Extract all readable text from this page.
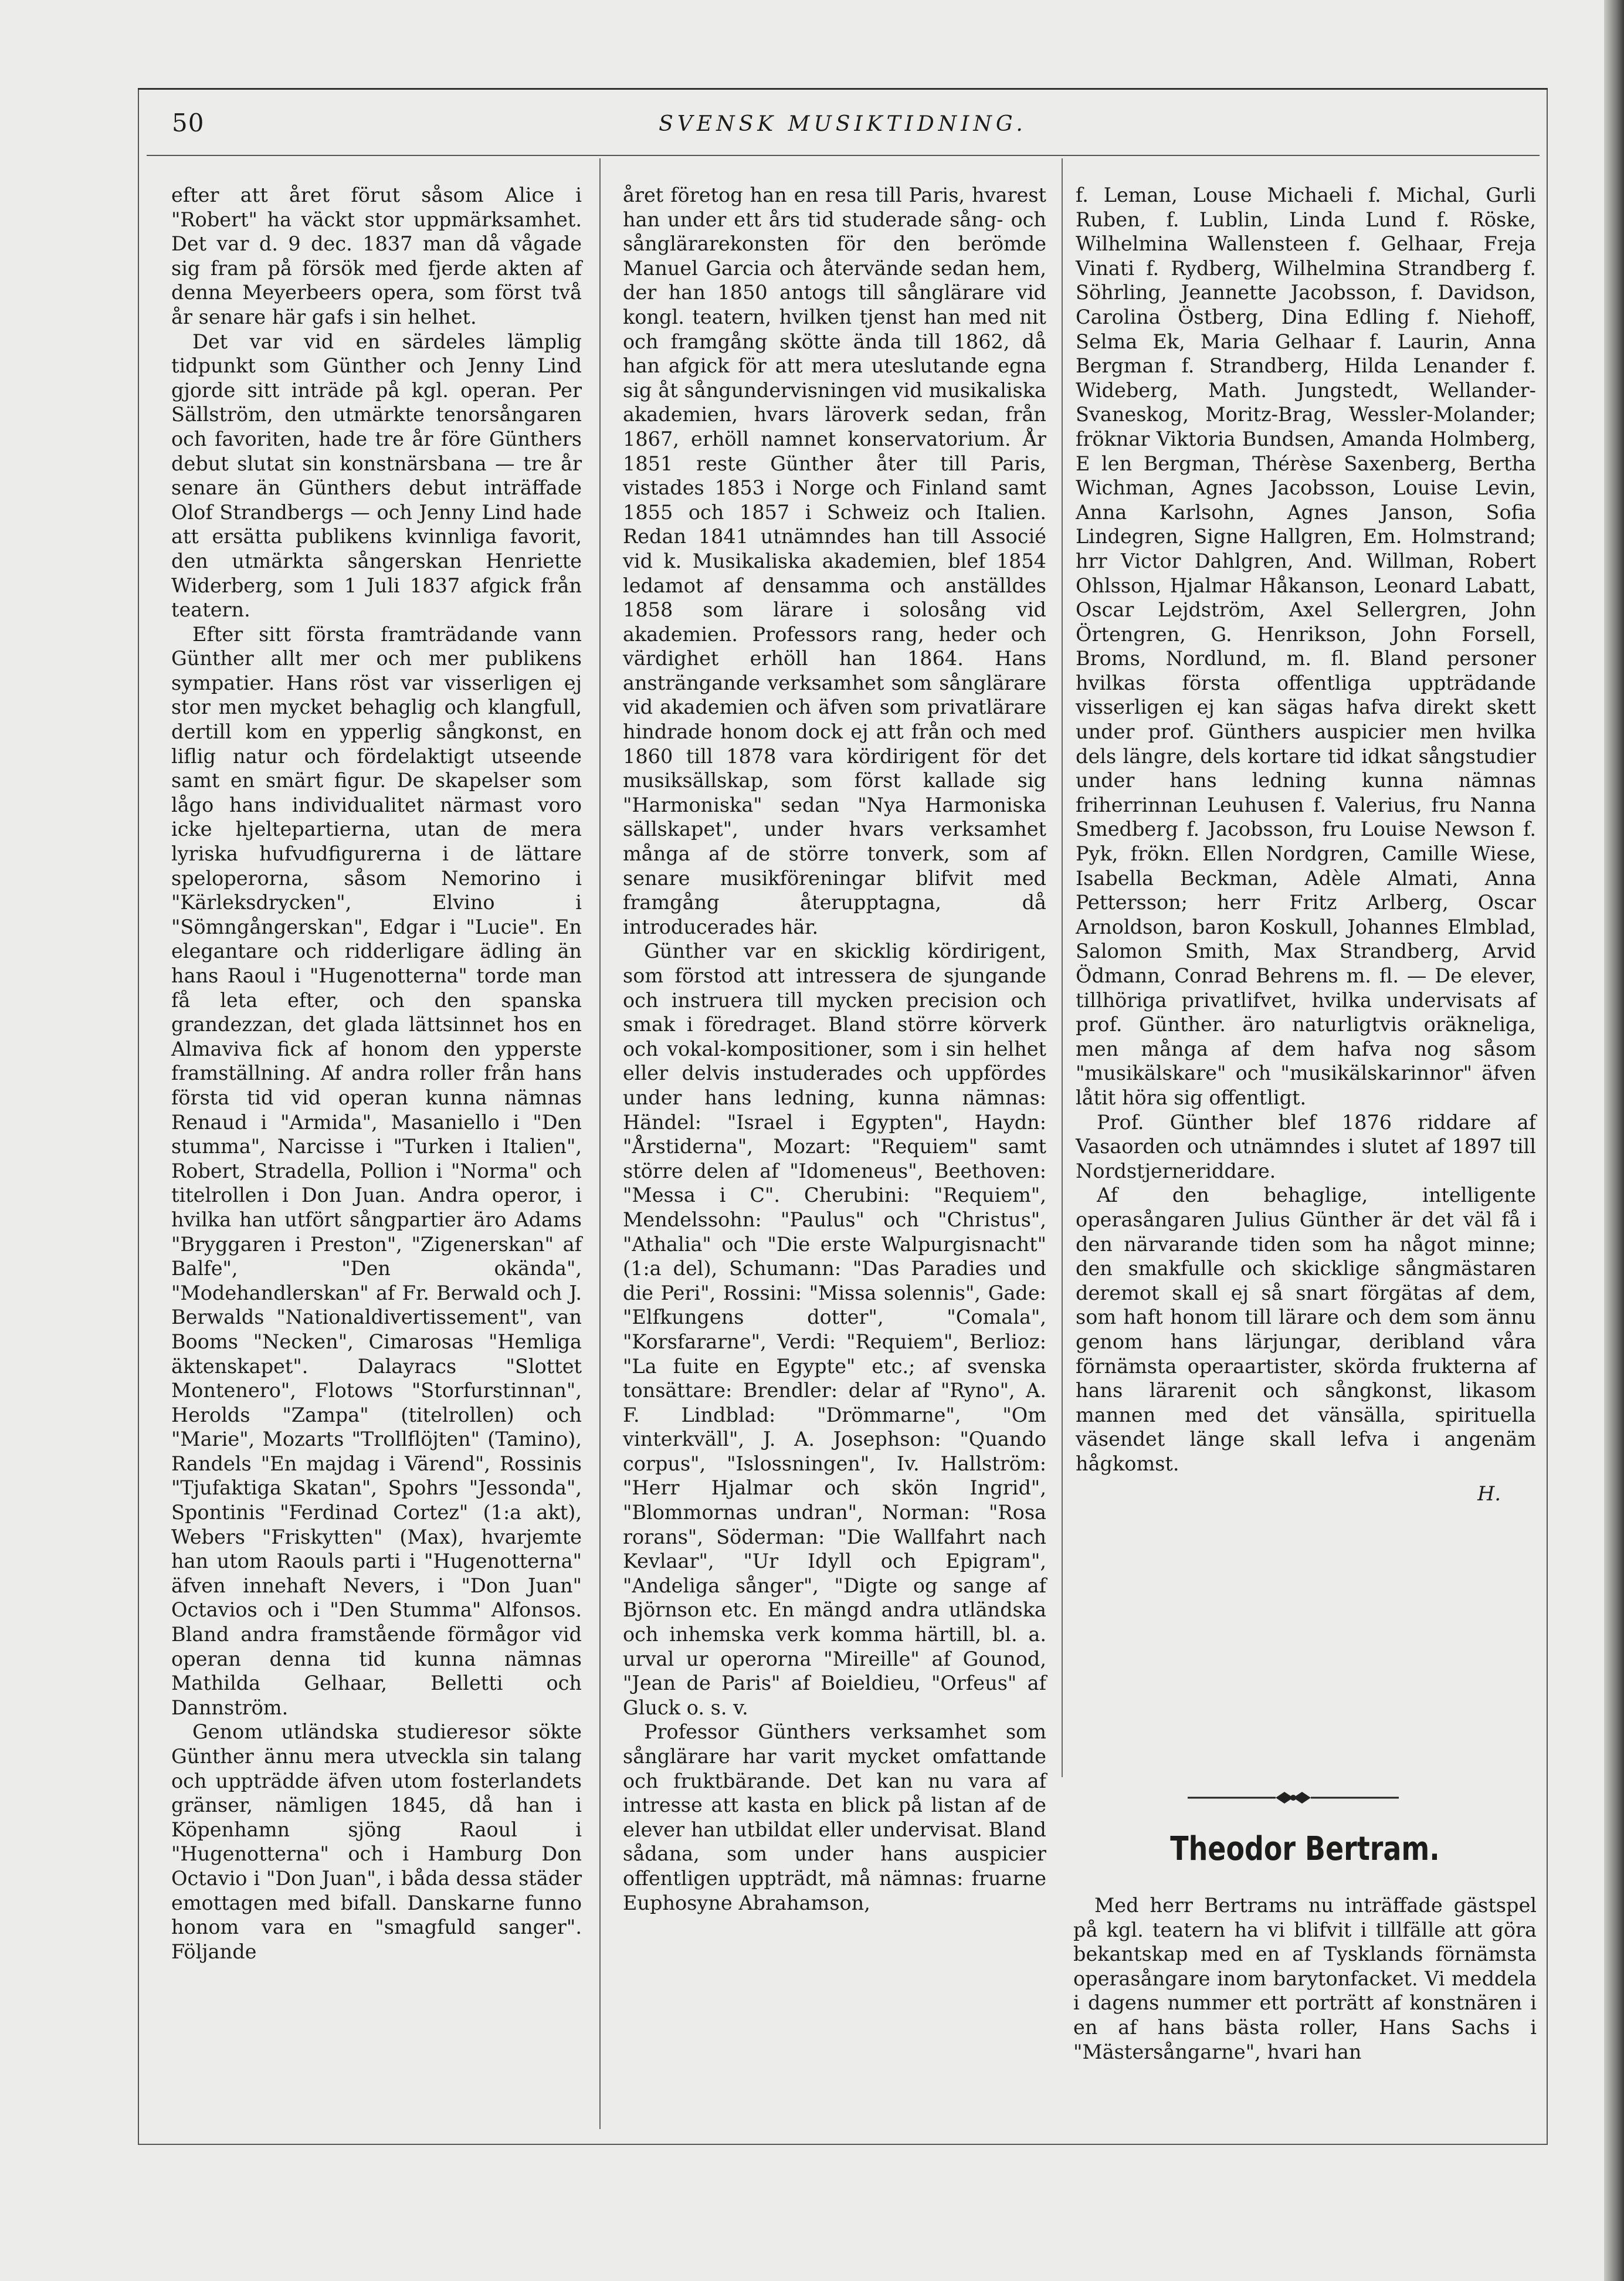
50	SVENSK MUSIKTIDNING.

efter att året förut såsom Alice i "Robert" ha väckt stor uppmärksamhet. Det var d. 9 dec. 1837 man då vågade sig fram på försök med fjerde akten af denna Meyerbeers opera, som först två år senare här gafs i sin helhet.

Det var vid en särdeles lämplig tidpunkt som Günther och Jenny Lind gjorde sitt inträde på kgl. operan. Per Sällström, den utmärkte tenorsångaren och favoriten, hade tre år före Günthers debut slutat sin konstnärsbana — tre år senare än Günthers debut inträffade Olof Strandbergs — och Jenny Lind hade att ersätta publikens kvinnliga favorit, den utmärkta sångerskan Henriette Widerberg, som 1 Juli 1837 afgick från teatern.

Efter sitt första framträdande vann Günther allt mer och mer publikens sympatier. Hans röst var visserligen ej stor men mycket behaglig och klangfull, dertill kom en ypperlig sångkonst, en liflig natur och fördelaktigt utseende samt en smärt figur. De skapelser som lågo hans individualitet närmast voro icke hjeltepartierna, utan de mera lyriska hufvudfigurerna i de lättare speloperorna, såsom Nemorino i "Kärleksdrycken", Elvino i "Sömngångerskan", Edgar i "Lucie". En elegantare och ridderligare ädling än hans Raoul i "Hugenotterna" torde man få leta efter, och den spanska grandezzan, det glada lättsinnet hos en Almaviva fick af honom den ypperste framställning. Af andra roller från hans första tid vid operan kunna nämnas Renaud i "Armida", Masaniello i "Den stumma", Narcisse i "Turken i Italien", Robert, Stradella, Pollion i "Norma" och titelrollen i Don Juan. Andra operor, i hvilka han utfört sångpartier äro Adams "Bryggaren i Preston", "Zigenerskan" af Balfe", "Den okända", "Modehandlerskan" af Fr. Berwald och J. Berwalds "Nationaldivertissement", van Booms "Necken", Cimarosas "Hemliga äktenskapet". Dalayracs "Slottet Montenero", Flotows "Storfurstinnan", Herolds "Zampa" (titelrollen) och "Marie", Mozarts "Trollflöjten" (Tamino), Randels "En majdag i Värend", Rossinis "Tjufaktiga Skatan", Spohrs "Jessonda", Spontinis "Ferdinad Cortez" (1:a akt), Webers "Friskytten" (Max), hvarjemte han utom Raouls parti i "Hugenotterna" äfven innehaft Nevers, i "Don Juan" Octavios och i "Den Stumma" Alfonsos. Bland andra framstående förmågor vid operan denna tid kunna nämnas Mathilda Gelhaar, Belletti och Dannström.

Genom utländska studieresor sökte Günther ännu mera utveckla sin talang och uppträdde äfven utom fosterlandets gränser, nämligen 1845, då han i Köpenhamn sjöng Raoul i "Hugenotterna" och i Hamburg Don Octavio i "Don Juan", i båda dessa städer emottagen med bifall. Danskarne funno honom vara en "smagfuld sanger". Följande

året företog han en resa till Paris, hvarest han under ett års tid studerade sång- och sånglärarekonsten för den berömde Manuel Garcia och återvände sedan hem, der han 1850 antogs till sånglärare vid kongl. teatern, hvilken tjenst han med nit och framgång skötte ända till 1862, då han afgick för att mera uteslutande egna sig åt sångundervisningen vid musikaliska akademien, hvars läroverk sedan, från 1867, erhöll namnet konservatorium. År 1851 reste Günther åter till Paris, vistades 1853 i Norge och Finland samt 1855 och 1857 i Schweiz och Italien. Redan 1841 utnämndes han till Associé vid k. Musikaliska akademien, blef 1854 ledamot af densamma och anställdes 1858 som lärare i solosång vid akademien. Professors rang, heder och värdighet erhöll han 1864. Hans ansträngande verksamhet som sånglärare vid akademien och äfven som privatlärare hindrade honom dock ej att från och med 1860 till 1878 vara kördirigent för det musiksällskap, som först kallade sig "Harmoniska" sedan "Nya Harmoniska sällskapet", under hvars verksamhet många af de större tonverk, som af senare musikföreningar blifvit med framgång återupptagna, då introducerades här.

Günther var en skicklig kördirigent, som förstod att intressera de sjungande och instruera till mycken precision och smak i föredraget. Bland större körverk och vokal-kompositioner, som i sin helhet eller delvis instuderades och uppfördes under hans ledning, kunna nämnas: Händel: "Israel i Egypten", Haydn: "Årstiderna", Mozart: "Requiem" samt större delen af "Idomeneus", Beethoven: "Messa i C". Cherubini: "Requiem", Mendelssohn: "Paulus" och "Christus", "Athalia" och "Die erste Walpurgisnacht" (1:a del), Schumann: "Das Paradies und die Peri", Rossini: "Missa solennis", Gade: "Elfkungens dotter", "Comala", "Korsfararne", Verdi: "Requiem", Berlioz: "La fuite en Egypte" etc.; af svenska tonsättare: Brendler: delar af "Ryno", A. F. Lindblad: "Drömmarne", "Om vinterkväll", J. A. Josephson: "Quando corpus", "Islossningen", Iv. Hallström: "Herr Hjalmar och skön Ingrid", "Blommornas undran", Norman: "Rosa rorans", Söderman: "Die Wallfahrt nach Kevlaar", "Ur Idyll och Epigram", "Andeliga sånger", "Digte og sange af Björnson etc. En mängd andra utländska och inhemska verk komma härtill, bl. a. urval ur operorna "Mireille" af Gounod, "Jean de Paris" af Boieldieu, "Orfeus" af Gluck o. s. v.

Professor Günthers verksamhet som sånglärare har varit mycket omfattande och fruktbärande. Det kan nu vara af intresse att kasta en blick på listan af de elever han utbildat eller undervisat. Bland sådana, som under hans auspicier offentligen uppträdt, må nämnas: fruarne Euphosyne Abrahamson,

f. Leman, Louse Michaeli f. Michal, Gurli Ruben, f. Lublin, Linda Lund f. Röske, Wilhelmina Wallensteen f. Gelhaar, Freja Vinati f. Rydberg, Wilhelmina Strandberg f. Söhrling, Jeannette Jacobsson, f. Davidson, Carolina Östberg, Dina Edling f. Niehoff, Selma Ek, Maria Gelhaar f. Laurin, Anna Bergman f. Strandberg, Hilda Lenander f. Wideberg, Math. Jungstedt, Wellander-Svaneskog, Moritz-Brag, Wessler-Molander; fröknar Viktoria Bundsen, Amanda Holmberg, E len Bergman, Thérèse Saxenberg, Bertha Wichman, Agnes Jacobsson, Louise Levin, Anna Karlsohn, Agnes Janson, Sofia Lindegren, Signe Hallgren, Em. Holmstrand; hrr Victor Dahlgren, And. Willman, Robert Ohlsson, Hjalmar Håkanson, Leonard Labatt, Oscar Lejdström, Axel Sellergren, John Örtengren, G. Henrikson, John Forsell, Broms, Nordlund, m. fl. Bland personer hvilkas första offentliga uppträdande visserligen ej kan sägas hafva direkt skett under prof. Günthers auspicier men hvilka dels längre, dels kortare tid idkat sångstudier under hans ledning kunna nämnas friherrinnan Leuhusen f. Valerius, fru Nanna Smedberg f. Jacobsson, fru Louise Newson f. Pyk, frökn. Ellen Nordgren, Camille Wiese, Isabella Beckman, Adèle Almati, Anna Pettersson; herr Fritz Arlberg, Oscar Arnoldson, baron Koskull, Johannes Elmblad, Salomon Smith, Max Strandberg, Arvid Ödmann, Conrad Behrens m. fl. — De elever, tillhöriga privatlifvet, hvilka undervisats af prof. Günther. äro naturligtvis oräkneliga, men många af dem hafva nog såsom "musikälskare" och "musikälskarinnor" äfven låtit höra sig offentligt.

Prof. Günther blef 1876 riddare af Vasaorden och utnämndes i slutet af 1897 till Nordstjerneriddare.

Af den behaglige, intelligente operasångaren Julius Günther är det väl få i den närvarande tiden som ha något minne; den smakfulle och skicklige sångmästaren deremot skall ej så snart förgätas af dem, som haft honom till lärare och dem som ännu genom hans lärjungar, deribland våra förnämsta operaartister, skörda frukterna af hans lärarenit och sångkonst, likasom mannen med det vänsälla, spirituella väsendet länge skall lefva i angenäm hågkomst.

H.
Theodor Bertram.

Med herr Bertrams nu inträffade gästspel på kgl. teatern ha vi blifvit i tillfälle att göra bekantskap med en af Tysklands förnämsta operasångare inom barytonfacket. Vi meddela i dagens nummer ett porträtt af konstnären i en af hans bästa roller, Hans Sachs i "Mästersångarne", hvari han
